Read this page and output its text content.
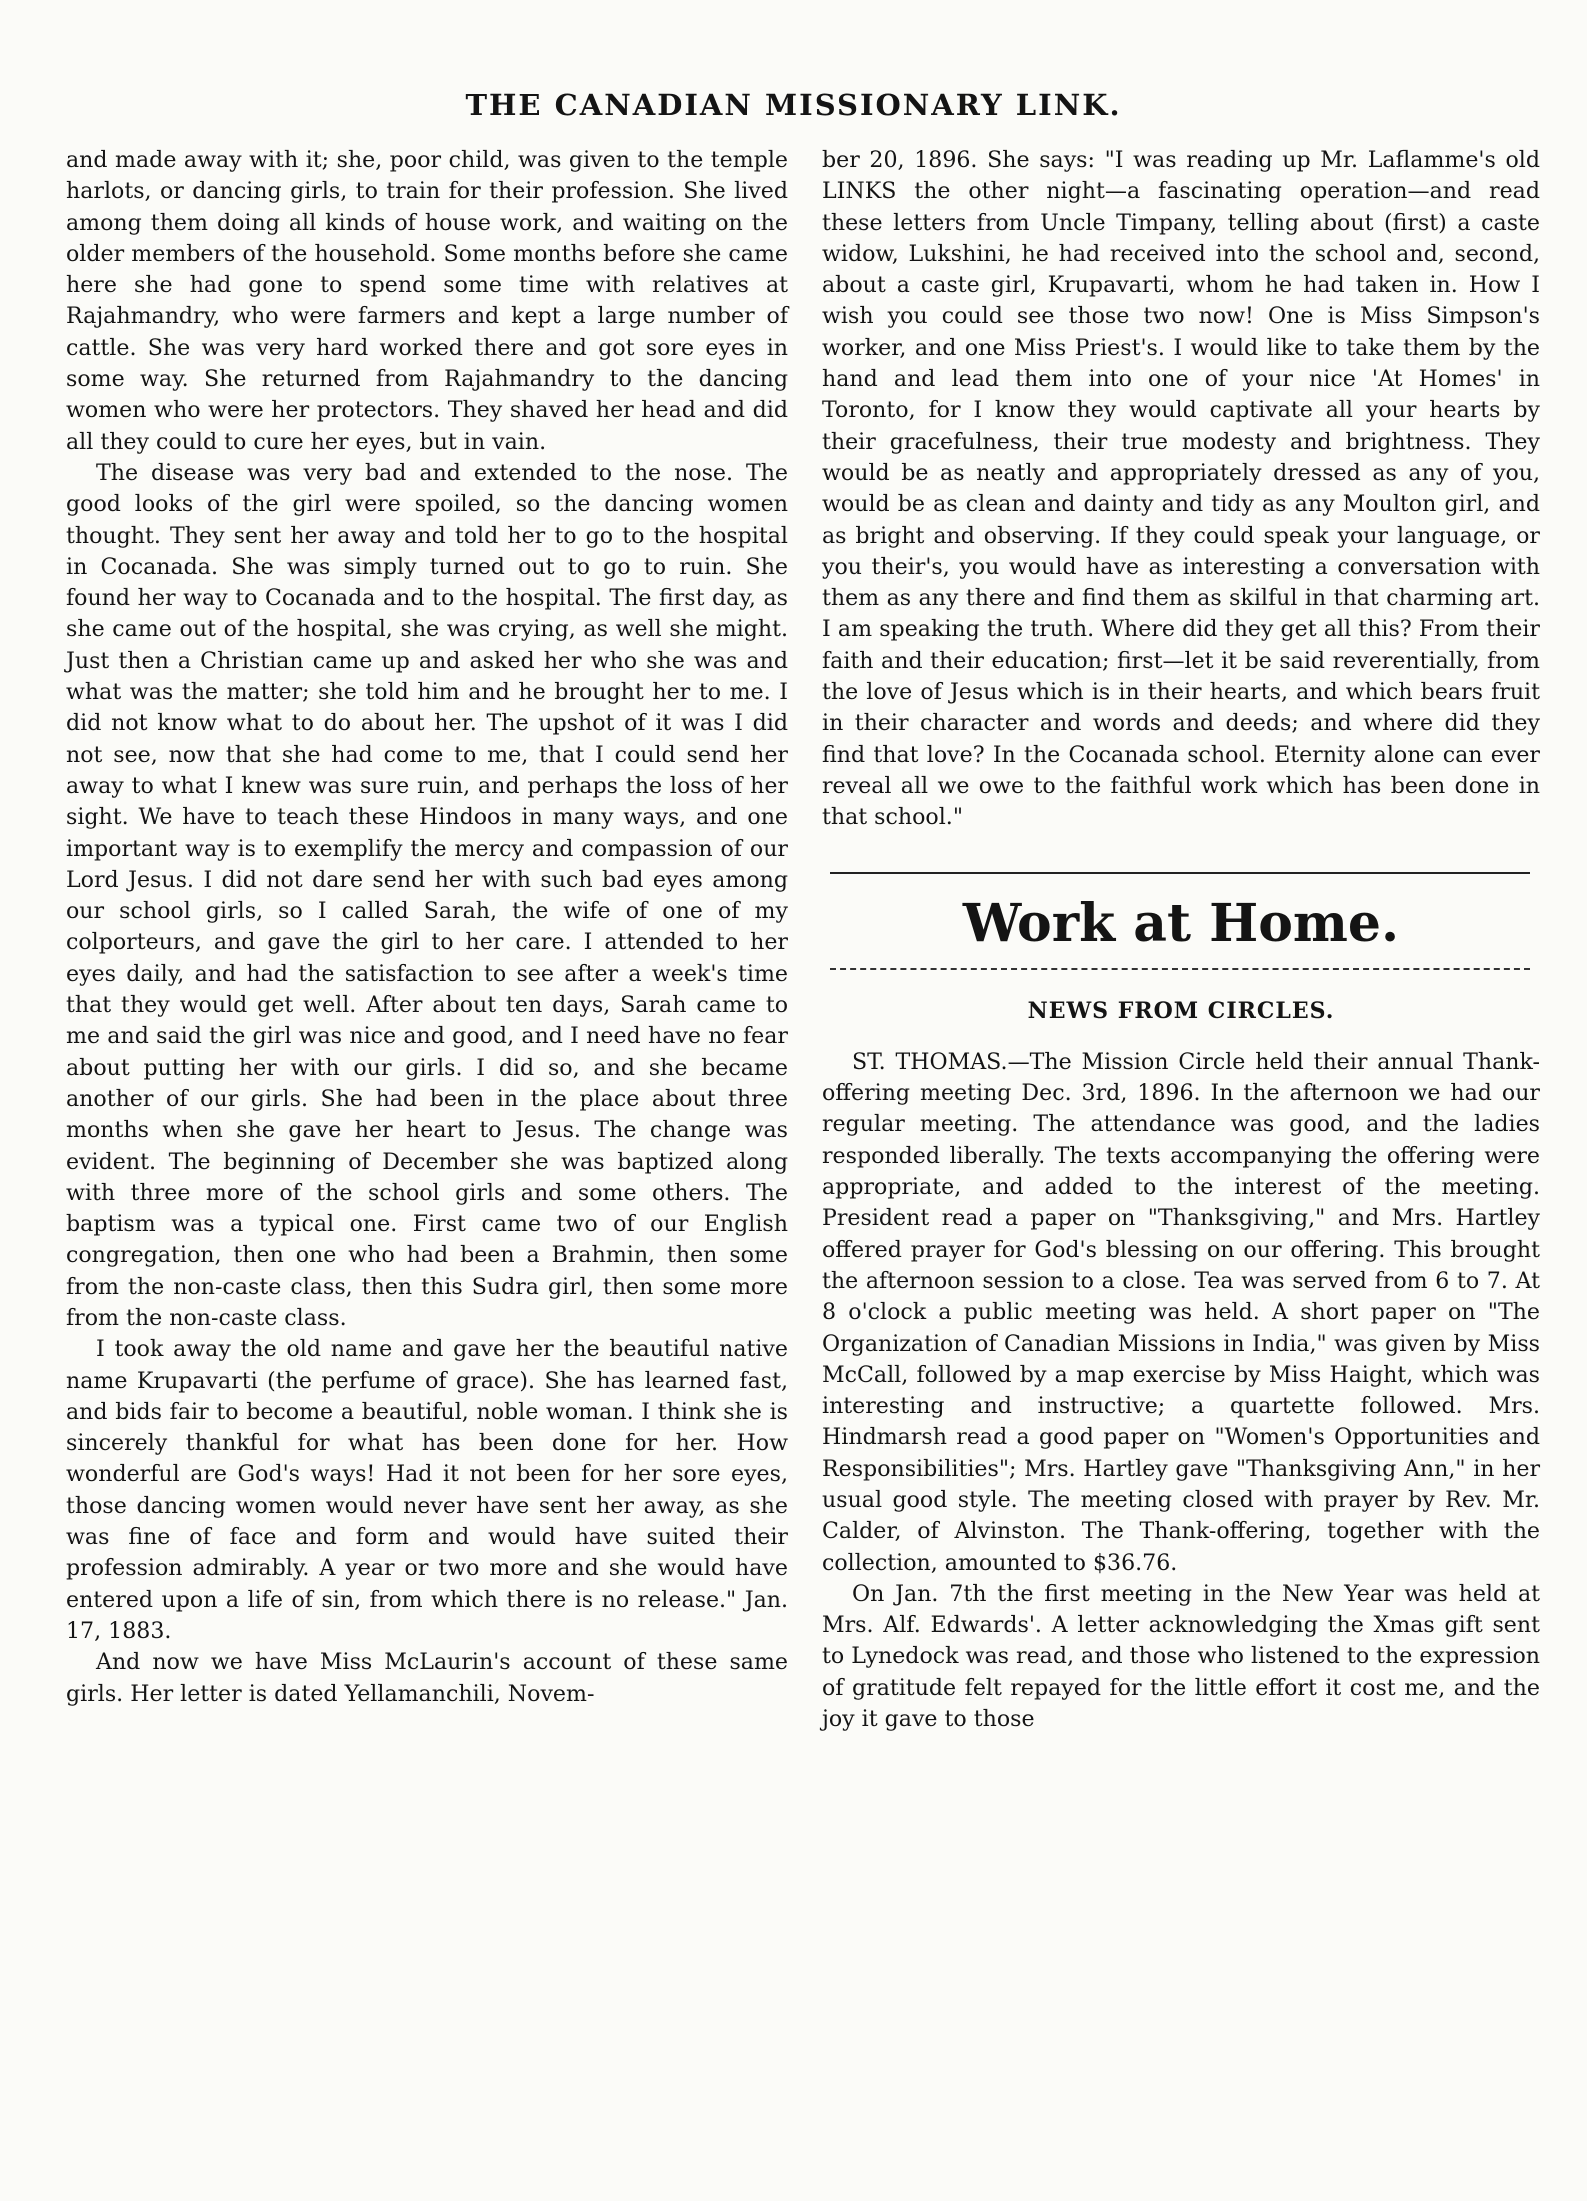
THE CANADIAN MISSIONARY LINK.

and made away with it; she, poor child, was given to the temple harlots, or dancing girls, to train for their profession. She lived among them doing all kinds of house work, and waiting on the older members of the household. Some months before she came here she had gone to spend some time with relatives at Rajahmandry, who were farmers and kept a large number of cattle. She was very hard worked there and got sore eyes in some way. She returned from Rajahmandry to the dancing women who were her protectors. They shaved her head and did all they could to cure her eyes, but in vain.

The disease was very bad and extended to the nose. The good looks of the girl were spoiled, so the dancing women thought. They sent her away and told her to go to the hospital in Cocanada. She was simply turned out to go to ruin. She found her way to Cocanada and to the hospital. The first day, as she came out of the hospital, she was crying, as well she might. Just then a Christian came up and asked her who she was and what was the matter; she told him and he brought her to me. I did not know what to do about her. The upshot of it was I did not see, now that she had come to me, that I could send her away to what I knew was sure ruin, and perhaps the loss of her sight. We have to teach these Hindoos in many ways, and one important way is to exemplify the mercy and compassion of our Lord Jesus. I did not dare send her with such bad eyes among our school girls, so I called Sarah, the wife of one of my colporteurs, and gave the girl to her care. I attended to her eyes daily, and had the satisfaction to see after a week's time that they would get well. After about ten days, Sarah came to me and said the girl was nice and good, and I need have no fear about putting her with our girls. I did so, and she became another of our girls. She had been in the place about three months when she gave her heart to Jesus. The change was evident. The beginning of December she was baptized along with three more of the school girls and some others. The baptism was a typical one. First came two of our English congregation, then one who had been a Brahmin, then some from the non-caste class, then this Sudra girl, then some more from the non-caste class.

I took away the old name and gave her the beautiful native name Krupavarti (the perfume of grace). She has learned fast, and bids fair to become a beautiful, noble woman. I think she is sincerely thankful for what has been done for her. How wonderful are God's ways! Had it not been for her sore eyes, those dancing women would never have sent her away, as she was fine of face and form and would have suited their profession admirably. A year or two more and she would have entered upon a life of sin, from which there is no release." Jan. 17, 1883.

And now we have Miss McLaurin's account of these same girls. Her letter is dated Yellamanchili, Novem-

ber 20, 1896. She says: "I was reading up Mr. Laflamme's old LINKS the other night—a fascinating operation—and read these letters from Uncle Timpany, telling about (first) a caste widow, Lukshini, he had received into the school and, second, about a caste girl, Krupavarti, whom he had taken in. How I wish you could see those two now! One is Miss Simpson's worker, and one Miss Priest's. I would like to take them by the hand and lead them into one of your nice 'At Homes' in Toronto, for I know they would captivate all your hearts by their gracefulness, their true modesty and brightness. They would be as neatly and appropriately dressed as any of you, would be as clean and dainty and tidy as any Moulton girl, and as bright and observing. If they could speak your language, or you their's, you would have as interesting a conversation with them as any there and find them as skilful in that charming art. I am speaking the truth. Where did they get all this? From their faith and their education; first—let it be said reverentially, from the love of Jesus which is in their hearts, and which bears fruit in their character and words and deeds; and where did they find that love? In the Cocanada school. Eternity alone can ever reveal all we owe to the faithful work which has been done in that school."

Work at Home.
NEWS FROM CIRCLES.

ST. THOMAS.—The Mission Circle held their annual Thank-offering meeting Dec. 3rd, 1896. In the afternoon we had our regular meeting. The attendance was good, and the ladies responded liberally. The texts accompanying the offering were appropriate, and added to the interest of the meeting. President read a paper on "Thanksgiving," and Mrs. Hartley offered prayer for God's blessing on our offering. This brought the afternoon session to a close. Tea was served from 6 to 7. At 8 o'clock a public meeting was held. A short paper on "The Organization of Canadian Missions in India," was given by Miss McCall, followed by a map exercise by Miss Haight, which was interesting and instructive; a quartette followed. Mrs. Hindmarsh read a good paper on "Women's Opportunities and Responsibilities"; Mrs. Hartley gave "Thanksgiving Ann," in her usual good style. The meeting closed with prayer by Rev. Mr. Calder, of Alvinston. The Thank-offering, together with the collection, amounted to $36.76.

On Jan. 7th the first meeting in the New Year was held at Mrs. Alf. Edwards'. A letter acknowledging the Xmas gift sent to Lynedock was read, and those who listened to the expression of gratitude felt repayed for the little effort it cost me, and the joy it gave to those
